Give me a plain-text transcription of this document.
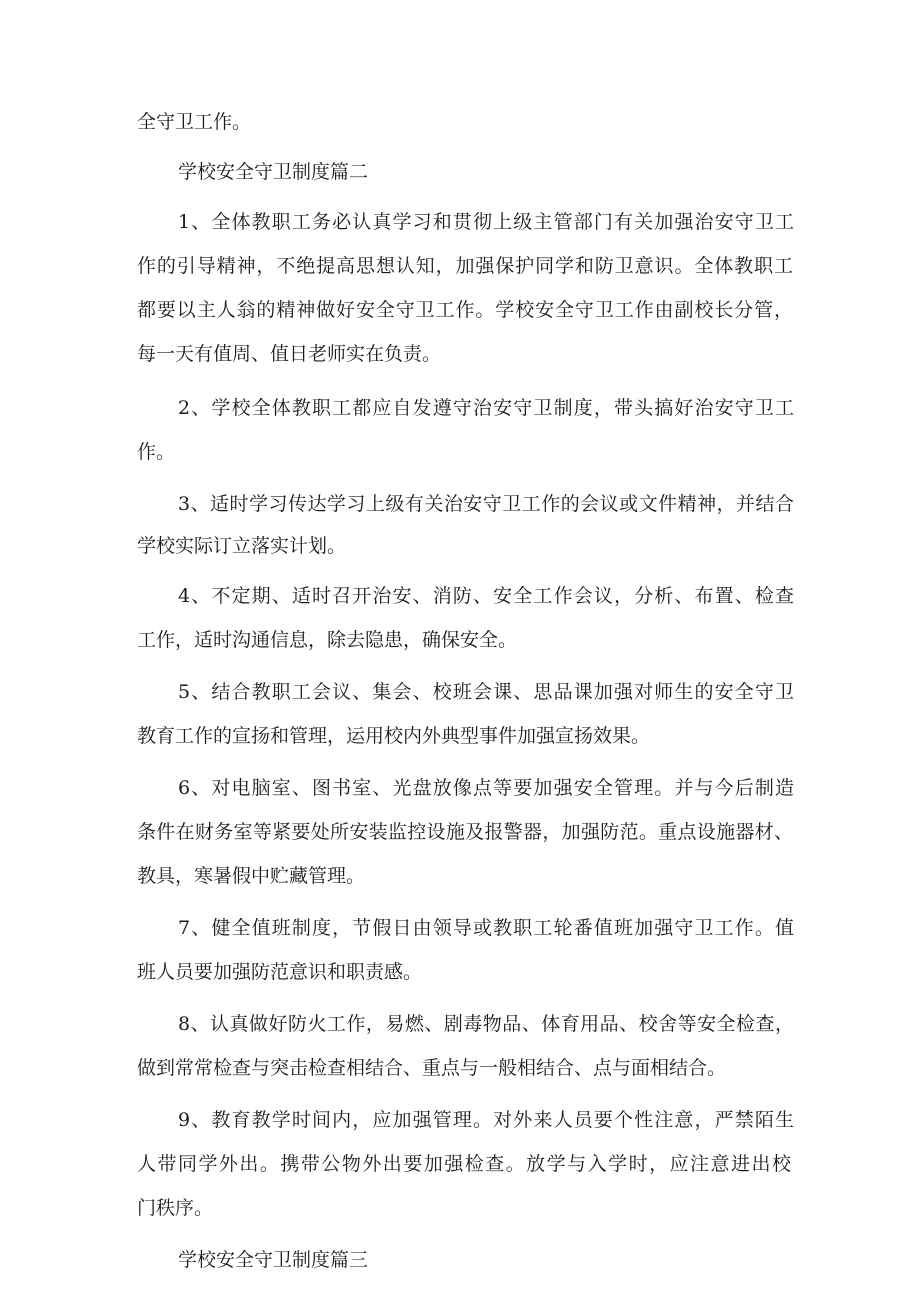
全守卫工作。
学校安全守卫制度篇二
1、全体教职工务必认真学习和贯彻上级主管部门有关加强治安守卫工
作的引导精神，不绝提高思想认知，加强保护同学和防卫意识。全体教职工
都要以主人翁的精神做好安全守卫工作。学校安全守卫工作由副校长分管，
每一天有值周、值日老师实在负责。
2、学校全体教职工都应自发遵守治安守卫制度，带头搞好治安守卫工
作。
3、适时学习传达学习上级有关治安守卫工作的会议或文件精神，并结合
学校实际订立落实计划。
4、不定期、适时召开治安、消防、安全工作会议，分析、布置、检查
工作，适时沟通信息，除去隐患，确保安全。
5、结合教职工会议、集会、校班会课、思品课加强对师生的安全守卫
教育工作的宣扬和管理，运用校内外典型事件加强宣扬效果。
6、对电脑室、图书室、光盘放像点等要加强安全管理。并与今后制造
条件在财务室等紧要处所安装监控设施及报警器，加强防范。重点设施器材、
教具，寒暑假中贮藏管理。
7、健全值班制度，节假日由领导或教职工轮番值班加强守卫工作。值
班人员要加强防范意识和职责感。
8、认真做好防火工作，易燃、剧毒物品、体育用品、校舍等安全检查，
做到常常检查与突击检查相结合、重点与一般相结合、点与面相结合。
9、教育教学时间内，应加强管理。对外来人员要个性注意，严禁陌生
人带同学外出。携带公物外出要加强检查。放学与入学时，应注意进出校
门秩序。
学校安全守卫制度篇三
